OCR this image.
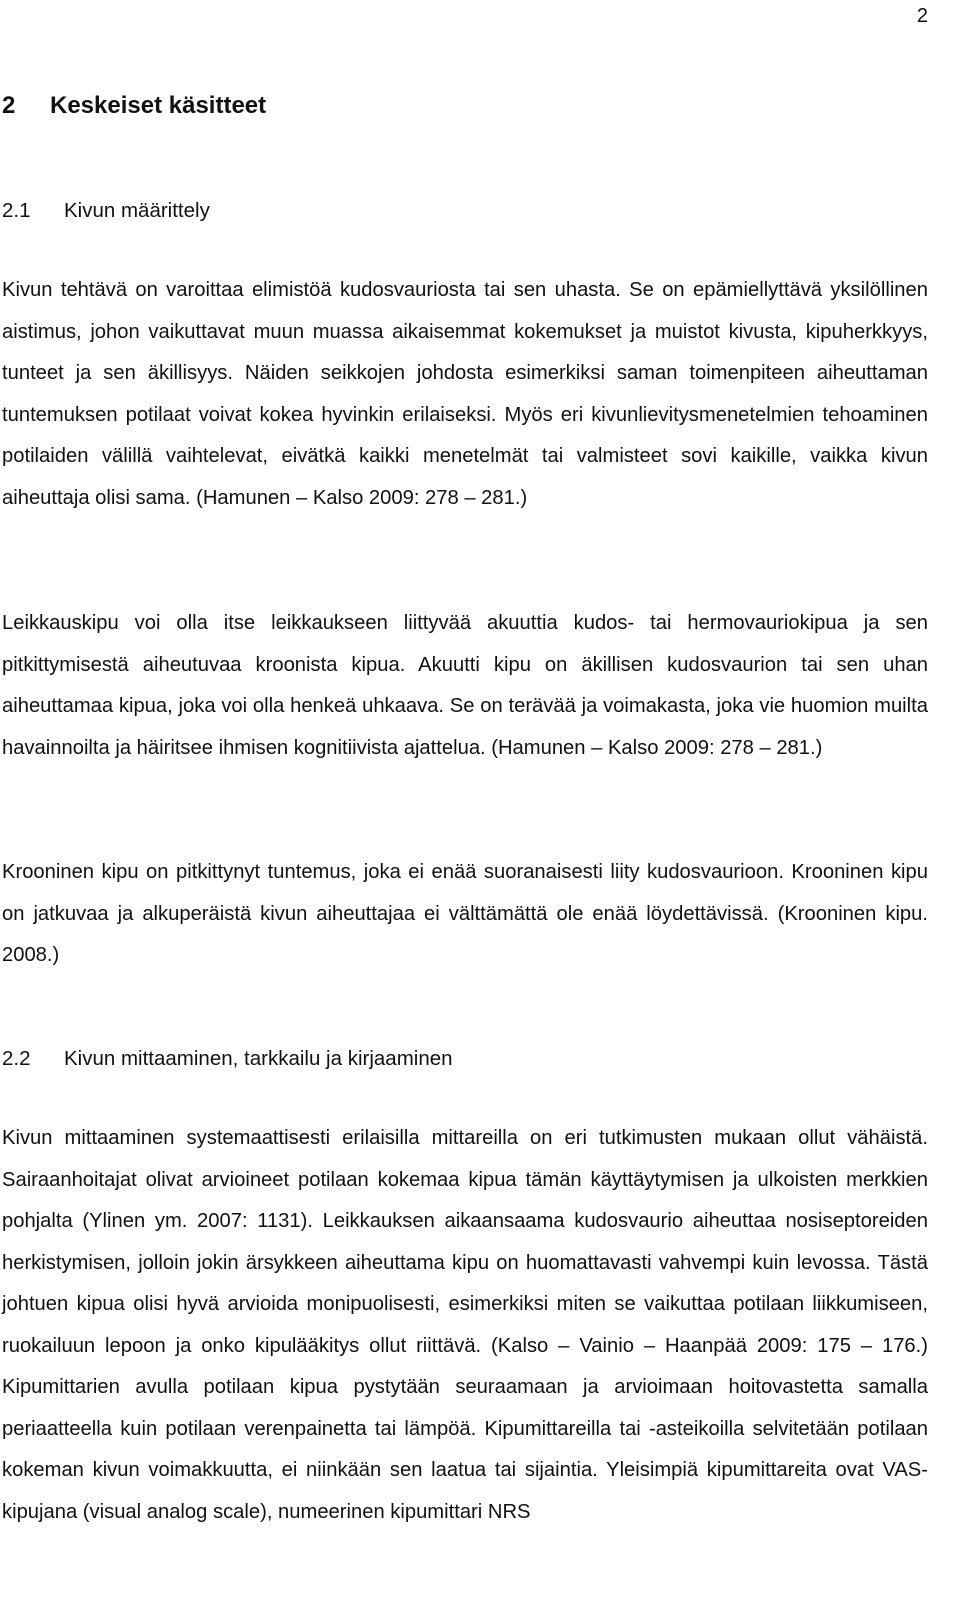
2
2 Keskeiset käsitteet
2.1 Kivun määrittely

Kivun tehtävä on varoittaa elimistöä kudosvauriosta tai sen uhasta. Se on epämiellyttävä yksilöllinen aistimus, johon vaikuttavat muun muassa aikaisemmat kokemukset ja muistot kivusta, kipuherkkyys, tunteet ja sen äkillisyys. Näiden seikkojen johdosta esimerkiksi saman toimenpiteen aiheuttaman tuntemuksen potilaat voivat kokea hyvinkin erilaiseksi. Myös eri kivunlievitysmenetelmien tehoaminen potilaiden välillä vaihtelevat, eivätkä kaikki menetelmät tai valmisteet sovi kaikille, vaikka kivun aiheuttaja olisi sama. (Hamunen – Kalso 2009: 278 – 281.)

Leikkauskipu voi olla itse leikkaukseen liittyvää akuuttia kudos- tai hermovauriokipua ja sen pitkittymisestä aiheutuvaa kroonista kipua. Akuutti kipu on äkillisen kudosvaurion tai sen uhan aiheuttamaa kipua, joka voi olla henkeä uhkaava. Se on terävää ja voimakasta, joka vie huomion muilta havainnoilta ja häiritsee ihmisen kognitiivista ajattelua. (Hamunen – Kalso 2009: 278 – 281.)

Krooninen kipu on pitkittynyt tuntemus, joka ei enää suoranaisesti liity kudosvaurioon. Krooninen kipu on jatkuvaa ja alkuperäistä kivun aiheuttajaa ei välttämättä ole enää löydettävissä. (Krooninen kipu. 2008.)

2.2 Kivun mittaaminen, tarkkailu ja kirjaaminen

Kivun mittaaminen systemaattisesti erilaisilla mittareilla on eri tutkimusten mukaan ollut vähäistä. Sairaanhoitajat olivat arvioineet potilaan kokemaa kipua tämän käyttäytymisen ja ulkoisten merkkien pohjalta (Ylinen ym. 2007: 1131). Leikkauksen aikaansaama kudosvaurio aiheuttaa nosiseptoreiden herkistymisen, jolloin jokin ärsykkeen aiheuttama kipu on huomattavasti vahvempi kuin levossa. Tästä johtuen kipua olisi hyvä arvioida monipuolisesti, esimerkiksi miten se vaikuttaa potilaan liikkumiseen, ruokailuun lepoon ja onko kipulääkitys ollut riittävä. (Kalso – Vainio – Haanpää 2009: 175 – 176.) Kipumittarien avulla potilaan kipua pystytään seuraamaan ja arvioimaan hoitovastetta samalla periaatteella kuin potilaan verenpainetta tai lämpöä. Kipumittareilla tai -asteikoilla selvitetään potilaan kokeman kivun voimakkuutta, ei niinkään sen laatua tai sijaintia. Yleisimpiä kipumittareita ovat VAS-kipujana (visual analog scale), numeerinen kipumittari NRS
